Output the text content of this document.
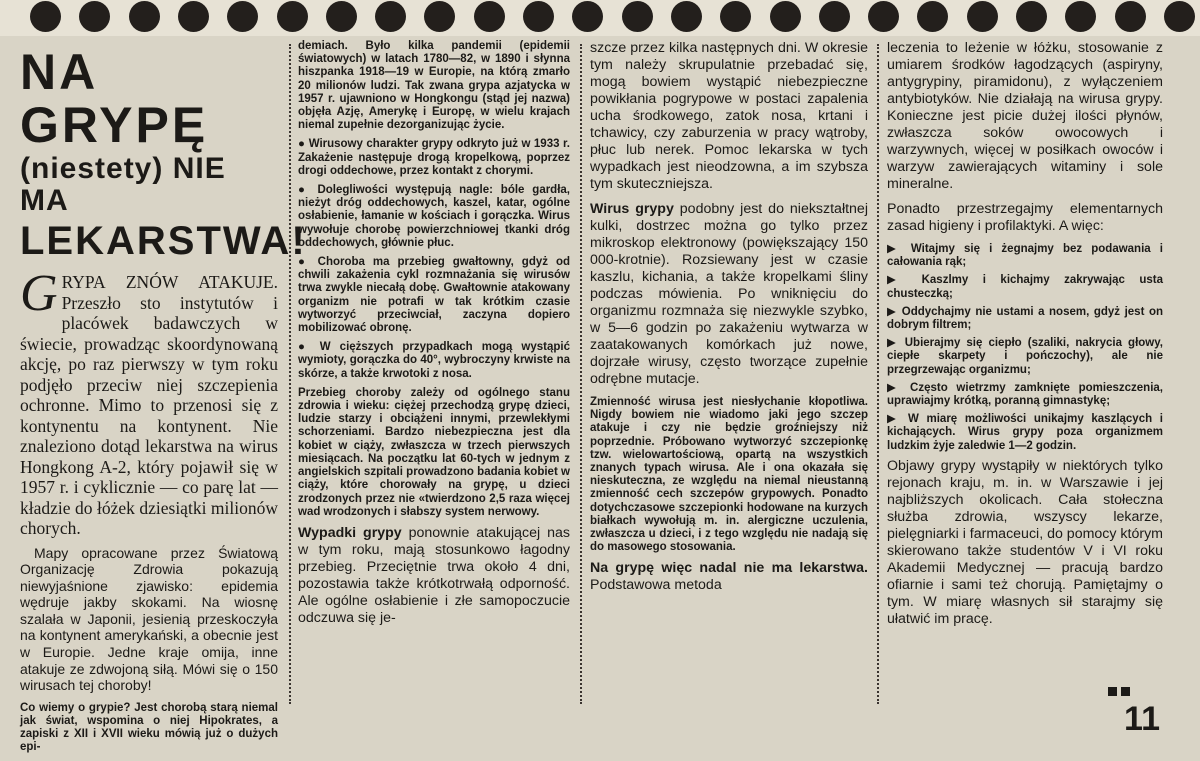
NA GRYPĘ
(niestety) NIE MA
LEKARSTWA!

GRYPA ZNÓW ATAKUJE. Przeszło sto instytutów i placówek badawczych w świecie, prowadząc skoordynowaną akcję, po raz pierwszy w tym roku podjęło przeciw niej szczepienia ochronne. Mimo to przenosi się z kontynentu na kontynent. Nie znaleziono dotąd lekarstwa na wirus Hongkong A-2, który pojawił się w 1957 r. i cyklicznie — co parę lat — kładzie do łóżek dziesiątki milionów chorych.

Mapy opracowane przez Światową Organizację Zdrowia pokazują niewyjaśnione zjawisko: epidemia wędruje jakby skokami. Na wiosnę szalała w Japonii, jesienią przeskoczyła na kontynent amerykański, a obecnie jest w Europie. Jedne kraje omija, inne atakuje ze zdwojoną siłą. Mówi się o 150 wirusach tej choroby!

Co wiemy o grypie? Jest chorobą starą niemal jak świat, wspomina o niej Hipokrates, a zapiski z XII i XVII wieku mówią już o dużych epi-

demiach. Było kilka pandemii (epidemii światowych) w latach 1780—82, w 1890 i słynna hiszpanka 1918—19 w Europie, na którą zmarło 20 milionów ludzi. Tak zwana grypa azjatycka w 1957 r. ujawniono w Hongkongu (stąd jej nazwa) objęła Azję, Amerykę i Europę, w wielu krajach niemal zupełnie dezorganizując życie.

● Wirusowy charakter grypy odkryto już w 1933 r. Zakażenie następuje drogą kropelkową, poprzez drogi oddechowe, przez kontakt z chorymi.

● Dolegliwości występują nagle: bóle gardła, nieżyt dróg oddechowych, kaszel, katar, ogólne osłabienie, łamanie w kościach i gorączka. Wirus wywołuje chorobę powierzchniowej tkanki dróg oddechowych, głównie płuc.

● Choroba ma przebieg gwałtowny, gdyż od chwili zakażenia cykl rozmnażania się wirusów trwa zwykle niecałą dobę. Gwałtownie atakowany organizm nie potrafi w tak krótkim czasie wytworzyć przeciwciał, zaczyna dopiero mobilizować obronę.

● W cięższych przypadkach mogą wystąpić wymioty, gorączka do 40°, wybroczyny krwiste na skórze, a także krwotoki z nosa.

Przebieg choroby zależy od ogólnego stanu zdrowia i wieku: ciężej przechodzą grypę dzieci, ludzie starzy i obciążeni innymi, przewlekłymi schorzeniami. Bardzo niebezpieczna jest dla kobiet w ciąży, zwłaszcza w trzech pierwszych miesiącach. Na początku lat 60-tych w jednym z angielskich szpitali prowadzono badania kobiet w ciąży, które chorowały na grypę, u dzieci zrodzonych przez nie «twierdzono 2,5 raza więcej wad wrodzonych i słabszy system nerwowy.

Wypadki grypy ponownie atakującej nas w tym roku, mają stosunkowo łagodny przebieg. Przeciętnie trwa około 4 dni, pozostawia także krótkotrwałą odporność. Ale ogólne osłabienie i złe samopoczucie odczuwa się je-

szcze przez kilka następnych dni. W okresie tym należy skrupulatnie przebadać się, mogą bowiem wystąpić niebezpieczne powikłania pogrypowe w postaci zapalenia ucha środkowego, zatok nosa, krtani i tchawicy, czy zaburzenia w pracy wątroby, płuc lub nerek. Pomoc lekarska w tych wypadkach jest nieodzowna, a im szybsza tym skuteczniejsza.

Wirus grypy podobny jest do niekształtnej kulki, dostrzec można go tylko przez mikroskop elektronowy (powiększający 150 000-krotnie). Rozsiewany jest w czasie kaszlu, kichania, a także kropelkami śliny podczas mówienia. Po wniknięciu do organizmu rozmnaża się niezwykle szybko, w 5—6 godzin po zakażeniu wytwarza w zaatakowanych komórkach już nowe, dojrzałe wirusy, często tworzące zupełnie odrębne mutacje.

Zmienność wirusa jest niesłychanie kłopotliwa. Nigdy bowiem nie wiadomo jaki jego szczep atakuje i czy nie będzie groźniejszy niż poprzednie. Próbowano wytworzyć szczepionkę tzw. wielowartościową, opartą na wszystkich znanych typach wirusa. Ale i ona okazała się nieskuteczna, ze względu na niemal nieustanną zmienność cech szczepów grypowych. Ponadto dotychczasowe szczepionki hodowane na kurzych białkach wywołują m. in. alergiczne uczulenia, zwłaszcza u dzieci, i z tego względu nie nadają się do masowego stosowania.

Na grypę więc nadal nie ma lekarstwa. Podstawowa metoda

leczenia to leżenie w łóżku, stosowanie z umiarem środków łagodzących (aspiryny, antygrypiny, piramidonu), z wyłączeniem antybiotyków. Nie działają na wirusa grypy. Konieczne jest picie dużej ilości płynów, zwłaszcza soków owocowych i warzywnych, więcej w posiłkach owoców i warzyw zawierających witaminy i sole mineralne.

Ponadto przestrzegajmy elementarnych zasad higieny i profilaktyki. A więc:

▶ Witajmy się i żegnajmy bez podawania i całowania rąk;

▶ Kaszlmy i kichajmy zakrywając usta chusteczką;

▶ Oddychajmy nie ustami a nosem, gdyż jest on dobrym filtrem;

▶ Ubierajmy się ciepło (szaliki, nakrycia głowy, ciepłe skarpety i pończochy), ale nie przegrzewając organizmu;

▶ Często wietrzmy zamknięte pomieszczenia, uprawiajmy krótką, poranną gimnastykę;

▶ W miarę możliwości unikajmy kaszlących i kichających. Wirus grypy poza organizmem ludzkim żyje zaledwie 1—2 godzin.

Objawy grypy wystąpiły w niektórych tylko rejonach kraju, m. in. w Warszawie i jej najbliższych okolicach. Cała stołeczna służba zdrowia, wszyscy lekarze, pielęgniarki i farmaceuci, do pomocy którym skierowano także studentów V i VI roku Akademii Medycznej — pracują bardzo ofiarnie i sami też chorują. Pamiętajmy o tym. W miarę własnych sił starajmy się ułatwić im pracę.

11
